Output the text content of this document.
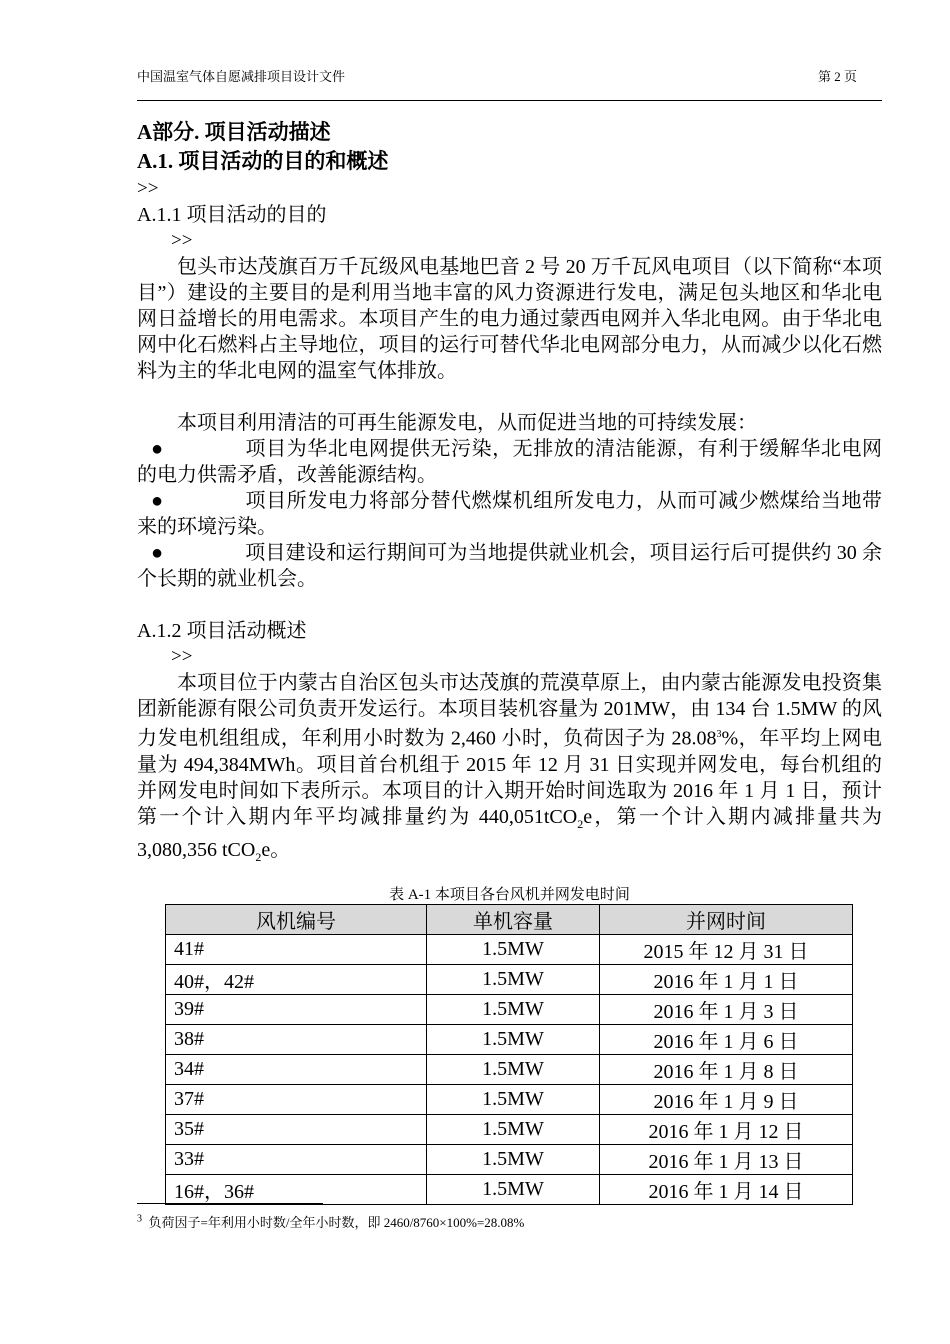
中国温室气体自愿减排项目设计文件	第 2 页
A部分. 项目活动描述
A.1. 项目活动的目的和概述
>>
A.1.1 项目活动的目的
>>

包头市达茂旗百万千瓦级风电基地巴音 2 号 20 万千瓦风电项目（以下简称“本项目”）建设的主要目的是利用当地丰富的风力资源进行发电，满足包头地区和华北电网日益增长的用电需求。本项目产生的电力通过蒙西电网并入华北电网。由于华北电网中化石燃料占主导地位，项目的运行可替代华北电网部分电力，从而减少以化石燃料为主的华北电网的温室气体排放。

本项目利用清洁的可再生能源发电，从而促进当地的可持续发展：

●	项目为华北电网提供无污染，无排放的清洁能源，有利于缓解华北电网的电力供需矛盾，改善能源结构。
●	项目所发电力将部分替代燃煤机组所发电力，从而可减少燃煤给当地带来的环境污染。
●	项目建设和运行期间可为当地提供就业机会，项目运行后可提供约 30 余个长期的就业机会。
A.1.2 项目活动概述
>>

本项目位于内蒙古自治区包头市达茂旗的荒漠草原上，由内蒙古能源发电投资集团新能源有限公司负责开发运行。本项目装机容量为 201MW，由 134 台 1.5MW 的风力发电机组组成，年利用小时数为 2,460 小时，负荷因子为 28.08$^3$%，年平均上网电量为 494,384MWh。项目首台机组于 2015 年 12 月 31 日实现并网发电，每台机组的并网发电时间如下表所示。本项目的计入期开始时间选取为 2016 年 1 月 1 日，预计第一个计入期内年平均减排量约为 440,051tCO$_2$e，第一个计入期内减排量共为 3,080,356 tCO$_2$e。

表 A-1 本项目各台风机并网发电时间
风机编号	单机容量	并网时间
41#	1.5MW	2015 年 12 月 31 日
40#，42#	1.5MW	2016 年 1 月 1 日
39#	1.5MW	2016 年 1 月 3 日
38#	1.5MW	2016 年 1 月 6 日
34#	1.5MW	2016 年 1 月 8 日
37#	1.5MW	2016 年 1 月 9 日
35#	1.5MW	2016 年 1 月 12 日
33#	1.5MW	2016 年 1 月 13 日
16#，36#	1.5MW	2016 年 1 月 14 日
$^3$ 负荷因子=年利用小时数/全年小时数，即 2460/8760×100%=28.08%
